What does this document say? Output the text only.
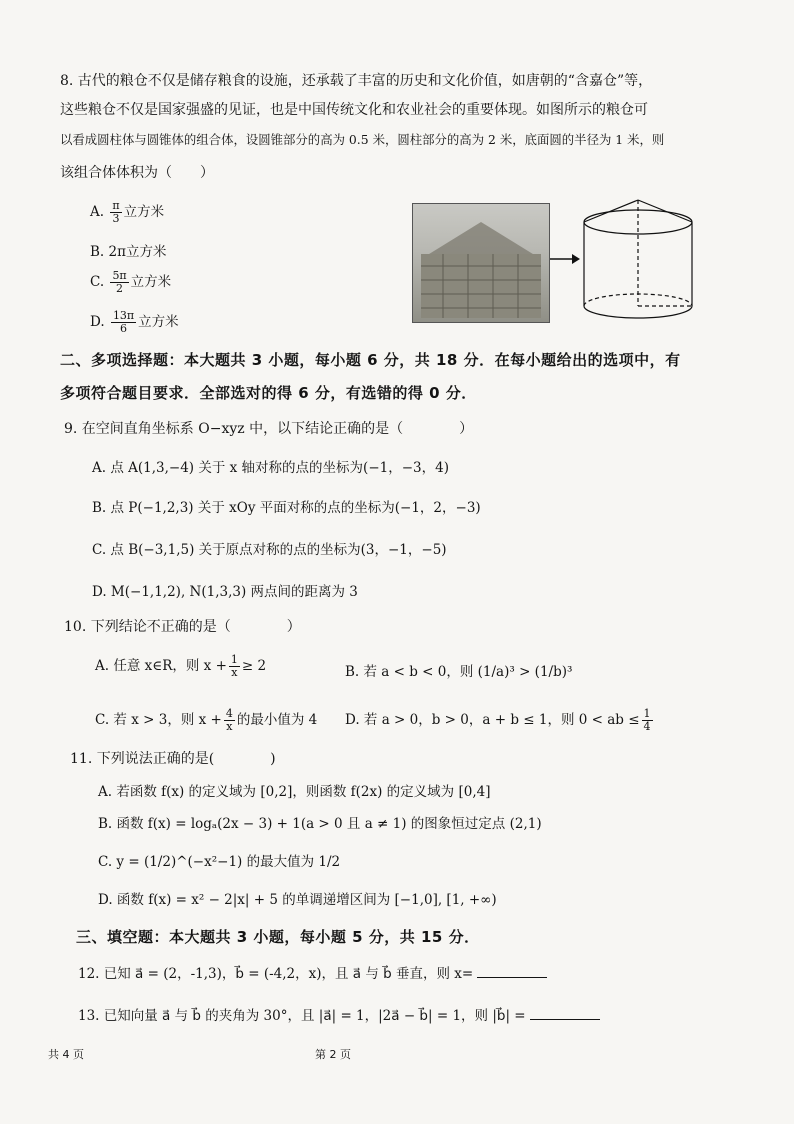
8. 古代的粮仓不仅是储存粮食的设施，还承载了丰富的历史和文化价值，如唐朝的“含嘉仓”等，
这些粮仓不仅是国家强盛的见证，也是中国传统文化和农业社会的重要体现。如图所示的粮仓可
以看成圆柱体与圆锥体的组合体，设圆锥部分的高为 0.5 米，圆柱部分的高为 2 米，底面圆的半径为 1 米，则
该组合体体积为（　　）
A. $\frac{\pi}{3}$ 立方米
B. 2π立方米
C. $\frac{5\pi}{2}$ 立方米
D. $\frac{13\pi}{6}$ 立方米
二、多项选择题：本大题共 3 小题，每小题 6 分，共 18 分．在每小题给出的选项中，有
多项符合题目要求．全部选对的得 6 分，有选错的得 0 分．
9. 在空间直角坐标系 O−xyz 中，以下结论正确的是（　　　　）
A. 点 A(1,3,−4) 关于 x 轴对称的点的坐标为(−1，−3，4)
B. 点 P(−1,2,3) 关于 xOy 平面对称的点的坐标为(−1，2，−3)
C. 点 B(−3,1,5) 关于原点对称的点的坐标为(3，−1，−5)
D. M(−1,1,2), N(1,3,3) 两点间的距离为 3
10. 下列结论不正确的是（　　　　）
A. 任意 x∈R，则 $x + \frac{1}{x} \ge 2$	B. 若 a < b < 0，则 (1/a)³ > (1/b)³
C. 若 x > 3，则 $x + \frac{4}{x}$ 的最小值为 4 D. 若 a > 0，b > 0，a + b ≤ 1，则 0 < ab ≤ $\frac{1}{4}$
11. 下列说法正确的是(　　　　)
A. 若函数 f(x) 的定义域为 [0,2]，则函数 f(2x) 的定义域为 [0,4]
B. 函数 f(x) = logₐ(2x − 3) + 1(a > 0 且 a ≠ 1) 的图象恒过定点 (2,1)
C. y = (1/2)^(−x²−1) 的最大值为 1/2
D. 函数 f(x) = x² − 2|x| + 5 的单调递增区间为 [−1,0], [1, +∞)
三、填空题：本大题共 3 小题，每小题 5 分，共 15 分．
12. 已知 a⃗ = (2，-1,3)，b⃗ = (-4,2，x)，且 a⃗ 与 b⃗ 垂直，则 x=
13. 已知向量 a⃗ 与 b⃗ 的夹角为 30°，且 |a⃗| = 1，|2a⃗ − b⃗| = 1，则 |b⃗| =
共 4 页	第 2 页
